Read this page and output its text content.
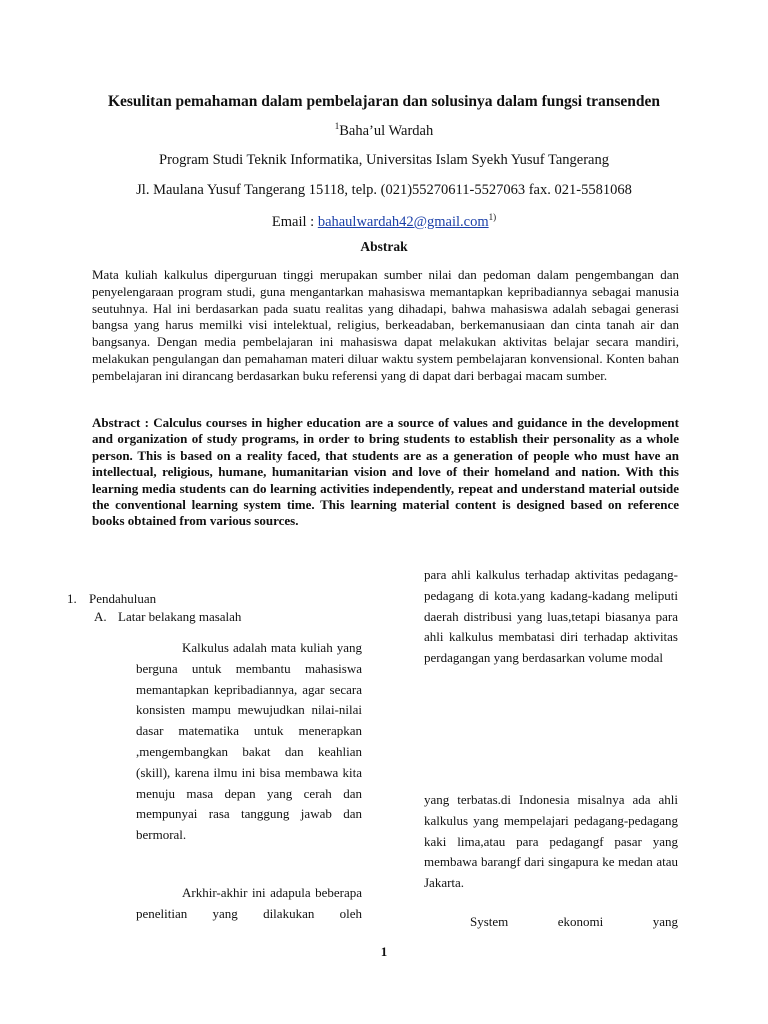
Kesulitan pemahaman dalam pembelajaran dan solusinya dalam fungsi transenden
$^1$Baha’ul Wardah
Program Studi Teknik Informatika, Universitas Islam Syekh Yusuf Tangerang
Jl. Maulana Yusuf Tangerang 15118, telp. (021)55270611-5527063 fax. 021-5581068
Email : bahaulwardah42@gmail.com$^{1)}$
Abstrak
Mata kuliah kalkulus diperguruan tinggi merupakan sumber nilai dan pedoman dalam pengembangan dan penyelengaraan program studi, guna mengantarkan mahasiswa memantapkan kepribadiannya sebagai manusia seutuhnya. Hal ini berdasarkan pada suatu realitas yang dihadapi, bahwa mahasiswa adalah sebagai generasi bangsa yang harus memilki visi intelektual, religius, berkeadaban, berkemanusiaan dan cinta tanah air dan bangsanya. Dengan media pembelajaran ini mahasiswa dapat melakukan aktivitas belajar secara mandiri, melakukan pengulangan dan pemahaman materi diluar waktu system pembelajaran konvensional. Konten bahan pembelajaran ini dirancang berdasarkan buku referensi yang di dapat dari berbagai macam sumber.
Abstract : Calculus courses in higher education are a source of values and guidance in the development and organization of study programs, in order to bring students to establish their personality as a whole person. This is based on a reality faced, that students are as a generation of people who must have an intellectual, religious, humane, humanitarian vision and love of their homeland and nation. With this learning media students can do learning activities independently, repeat and understand material outside the conventional learning system time. This learning material content is designed based on reference books obtained from various sources.
1. Pendahuluan
A. Latar belakang masalah
Kalkulus adalah mata kuliah yang berguna untuk membantu mahasiswa memantapkan kepribadiannya, agar secara konsisten mampu mewujudkan nilai-nilai dasar matematika untuk menerapkan ,mengembangkan bakat dan keahlian (skill), karena ilmu ini bisa membawa kita menuju masa depan yang cerah dan mempunyai rasa tanggung jawab dan bermoral.
Arkhir-akhir ini adapula beberapa penelitian yang dilakukan oleh
para ahli kalkulus terhadap aktivitas pedagang-pedagang di kota.yang kadang-kadang meliputi daerah distribusi yang luas,tetapi biasanya para ahli kalkulus membatasi diri terhadap aktivitas perdagangan yang berdasarkan volume modal
yang terbatas.di Indonesia misalnya ada ahli kalkulus yang mempelajari pedagang-pedagang kaki lima,atau para pedagangf pasar yang membawa barangf dari singapura ke medan atau Jakarta.
System ekonomi yang
1
